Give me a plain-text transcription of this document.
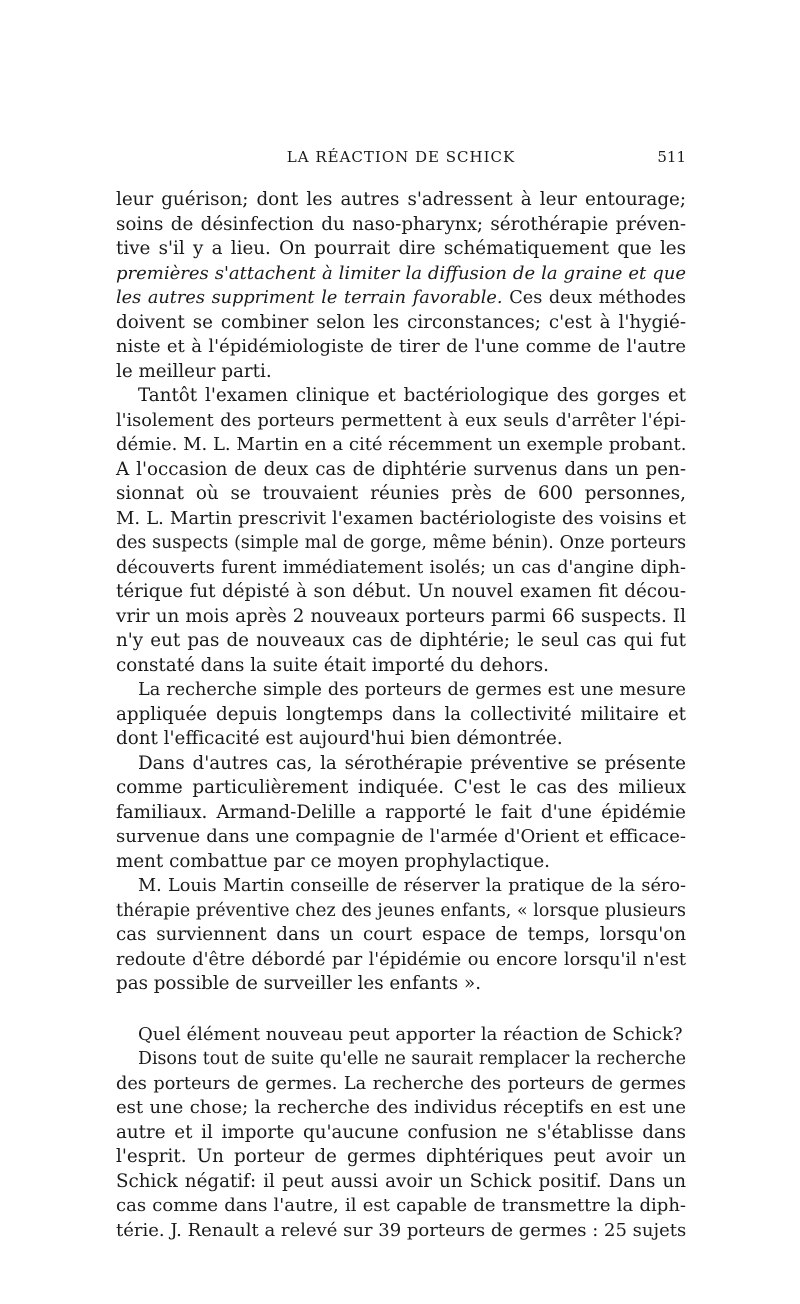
LA RÉACTION DE SCHICK	511
leur guérison; dont les autres s'adressent à leur entourage;
soins de désinfection du naso-pharynx; sérothérapie préven-
tive s'il y a lieu. On pourrait dire schématiquement que les
premières s'attachent à limiter la diffusion de la graine et que
les autres suppriment le terrain favorable. Ces deux méthodes
doivent se combiner selon les circonstances; c'est à l'hygié-
niste et à l'épidémiologiste de tirer de l'une comme de l'autre
le meilleur parti.
Tantôt l'examen clinique et bactériologique des gorges et
l'isolement des porteurs permettent à eux seuls d'arrêter l'épi-
démie. M. L. Martin en a cité récemment un exemple probant.
A l'occasion de deux cas de diphtérie survenus dans un pen-
sionnat où se trouvaient réunies près de 600 personnes,
M. L. Martin prescrivit l'examen bactériologiste des voisins et
des suspects (simple mal de gorge, même bénin). Onze porteurs
découverts furent immédiatement isolés; un cas d'angine diph-
térique fut dépisté à son début. Un nouvel examen fit décou-
vrir un mois après 2 nouveaux porteurs parmi 66 suspects. Il
n'y eut pas de nouveaux cas de diphtérie; le seul cas qui fut
constaté dans la suite était importé du dehors.
La recherche simple des porteurs de germes est une mesure
appliquée depuis longtemps dans la collectivité militaire et
dont l'efficacité est aujourd'hui bien démontrée.
Dans d'autres cas, la sérothérapie préventive se présente
comme particulièrement indiquée. C'est le cas des milieux
familiaux. Armand-Delille a rapporté le fait d'une épidémie
survenue dans une compagnie de l'armée d'Orient et efficace-
ment combattue par ce moyen prophylactique.
M. Louis Martin conseille de réserver la pratique de la séro-
thérapie préventive chez des jeunes enfants, « lorsque plusieurs
cas surviennent dans un court espace de temps, lorsqu'on
redoute d'être débordé par l'épidémie ou encore lorsqu'il n'est
pas possible de surveiller les enfants ».
Quel élément nouveau peut apporter la réaction de Schick?
Disons tout de suite qu'elle ne saurait remplacer la recherche
des porteurs de germes. La recherche des porteurs de germes
est une chose; la recherche des individus réceptifs en est une
autre et il importe qu'aucune confusion ne s'établisse dans
l'esprit. Un porteur de germes diphtériques peut avoir un
Schick négatif: il peut aussi avoir un Schick positif. Dans un
cas comme dans l'autre, il est capable de transmettre la diph-
térie. J. Renault a relevé sur 39 porteurs de germes : 25 sujets
